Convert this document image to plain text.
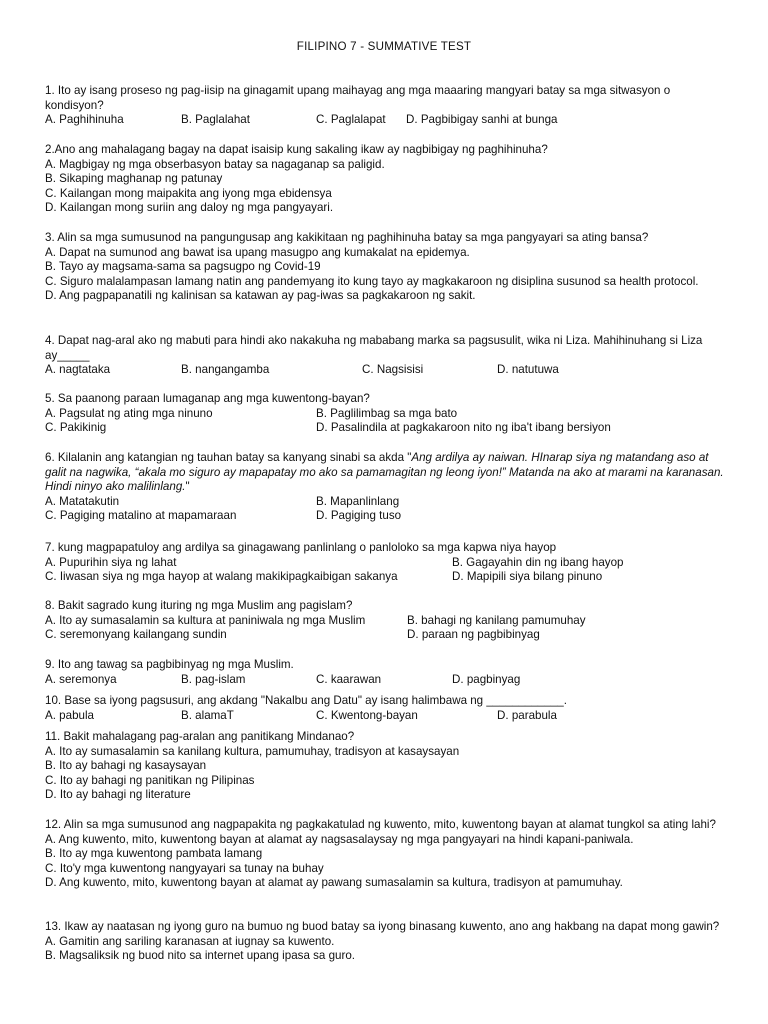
FILIPINO 7 - SUMMATIVE TEST

1. Ito ay isang proseso ng pag-iisip na ginagamit upang maihayag ang mga maaaring mangyari batay sa mga sitwasyon o kondisyon?

A. Paghihinuha	B. Paglalahat	C. Paglalapat D. Pagbibigay sanhi at bunga

2.Ano ang mahalagang bagay na dapat isaisip kung sakaling ikaw ay nagbibigay ng paghihinuha?

A. Magbigay ng mga obserbasyon batay sa nagaganap sa paligid.

B. Sikaping maghanap ng patunay

C. Kailangan mong maipakita ang iyong mga ebidensya

D. Kailangan mong suriin ang daloy ng mga pangyayari.

3. Alin sa mga sumusunod na pangungusap ang kakikitaan ng paghihinuha batay sa mga pangyayari sa ating bansa?

A. Dapat na sumunod ang bawat isa upang masugpo ang kumakalat na epidemya.

B. Tayo ay magsama-sama sa pagsugpo ng Covid-19

C. Siguro malalampasan lamang natin ang pandemyang ito kung tayo ay magkakaroon ng disiplina susunod sa health protocol.

D. Ang pagpapanatili ng kalinisan sa katawan ay pag-iwas sa pagkakaroon ng sakit.

4. Dapat nag-aral ako ng mabuti para hindi ako nakakuha ng mababang marka sa pagsusulit, wika ni Liza. Mahihinuhang si Liza ay_____

A. nagtataka	B. nangangamba	C. Nagsisisi	D. natutuwa

5. Sa paanong paraan lumaganap ang mga kuwentong-bayan?

A. Pagsulat ng ating mga ninuno	B. Paglilimbag sa mga bato
C. Pakikinig	D. Pasalindila at pagkakaroon nito ng iba't ibang bersiyon

6. Kilalanin ang katangian ng tauhan batay sa kanyang sinabi sa akda "Ang ardilya ay naiwan. HInarap siya ng matandang aso at galit na nagwika, “akala mo siguro ay mapapatay mo ako sa pamamagitan ng leong iyon!” Matanda na ako at marami na karanasan. Hindi ninyo ako malilinlang."

A. Matatakutin	B. Mapanlinlang
C. Pagiging matalino at mapamaraan	D. Pagiging tuso

7. kung magpapatuloy ang ardilya sa ginagawang panlinlang o panloloko sa mga kapwa niya hayop

A. Pupurihin siya ng lahat	B. Gagayahin din ng ibang hayop
C. Iiwasan siya ng mga hayop at walang makikipagkaibigan sakanya	D. Mapipili siya bilang pinuno

8. Bakit sagrado kung ituring ng mga Muslim ang pagislam?

A. Ito ay sumasalamin sa kultura at paniniwala ng mga Muslim	B. bahagi ng kanilang pamumuhay
C. seremonyang kailangang sundin	D. paraan ng pagbibinyag

9. Ito ang tawag sa pagbibinyag ng mga Muslim.

A. seremonya	B. pag-islam	C. kaarawan	D. pagbinyag

10. Base sa iyong pagsusuri, ang akdang "Nakalbu ang Datu" ay isang halimbawa ng ____________.

A. pabula	B. alamaT	C. Kwentong-bayan	D. parabula

11. Bakit mahalagang pag-aralan ang panitikang Mindanao?

A. Ito ay sumasalamin sa kanilang kultura, pamumuhay, tradisyon at kasaysayan

B. Ito ay bahagi ng kasaysayan

C. Ito ay bahagi ng panitikan ng Pilipinas

D. Ito ay bahagi ng literature

12. Alin sa mga sumusunod ang nagpapakita ng pagkakatulad ng kuwento, mito, kuwentong bayan at alamat tungkol sa ating lahi?

A. Ang kuwento, mito, kuwentong bayan at alamat ay nagsasalaysay ng mga pangyayari na hindi kapani-paniwala.

B. Ito ay mga kuwentong pambata lamang

C. Ito'y mga kuwentong nangyayari sa tunay na buhay

D. Ang kuwento, mito, kuwentong bayan at alamat ay pawang sumasalamin sa kultura, tradisyon at pamumuhay.

13. Ikaw ay naatasan ng iyong guro na bumuo ng buod batay sa iyong binasang kuwento, ano ang hakbang na dapat mong gawin?

A. Gamitin ang sariling karanasan at iugnay sa kuwento.

B. Magsaliksik ng buod nito sa internet upang ipasa sa guro.
